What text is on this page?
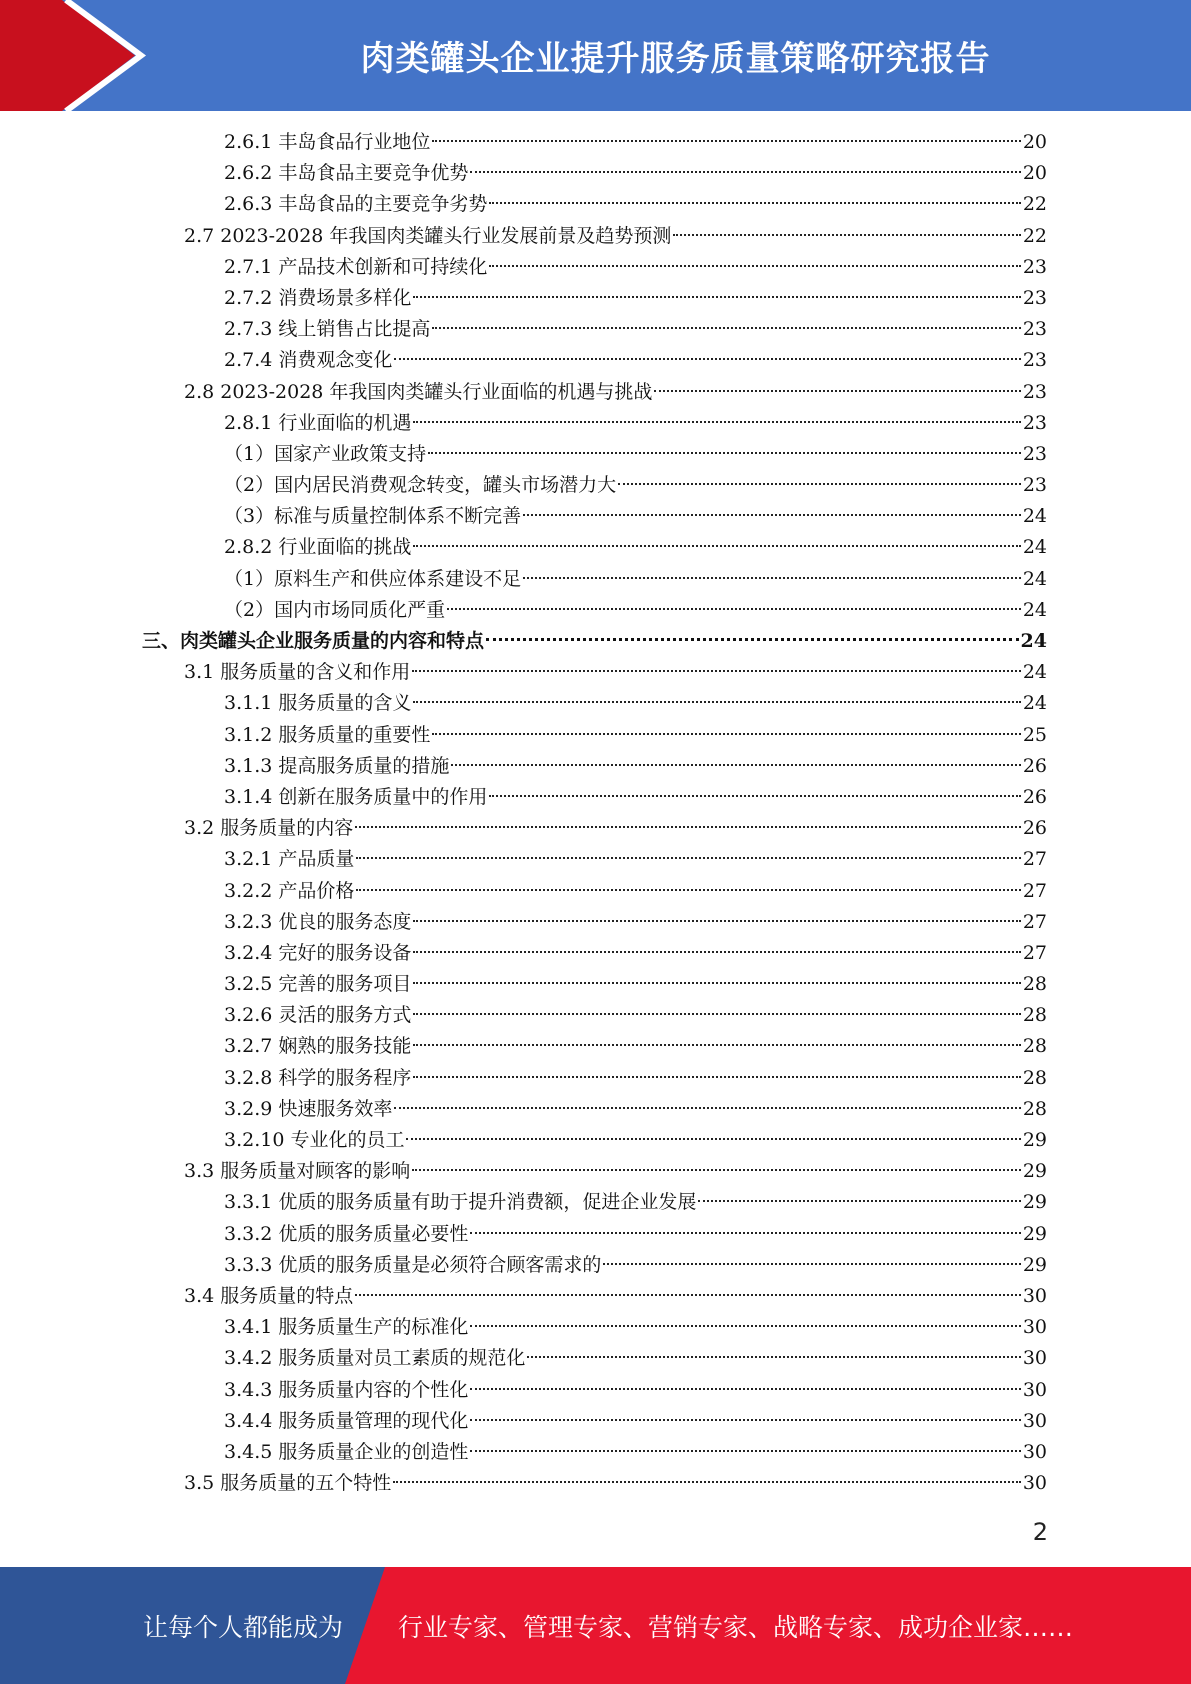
肉类罐头企业提升服务质量策略研究报告
2.6.1 丰岛食品行业地位	20
2.6.2 丰岛食品主要竞争优势	20
2.6.3 丰岛食品的主要竞争劣势	22
2.7 2023-2028 年我国肉类罐头行业发展前景及趋势预测	22
2.7.1 产品技术创新和可持续化	23
2.7.2 消费场景多样化	23
2.7.3 线上销售占比提高	23
2.7.4 消费观念变化	23
2.8 2023-2028 年我国肉类罐头行业面临的机遇与挑战	23
2.8.1 行业面临的机遇	23
（1）国家产业政策支持	23
（2）国内居民消费观念转变，罐头市场潜力大	23
（3）标准与质量控制体系不断完善	24
2.8.2 行业面临的挑战	24
（1）原料生产和供应体系建设不足	24
（2）国内市场同质化严重	24
三、肉类罐头企业服务质量的内容和特点	24
3.1 服务质量的含义和作用	24
3.1.1 服务质量的含义	24
3.1.2 服务质量的重要性	25
3.1.3 提高服务质量的措施	26
3.1.4 创新在服务质量中的作用	26
3.2 服务质量的内容	26
3.2.1 产品质量	27
3.2.2 产品价格	27
3.2.3 优良的服务态度	27
3.2.4 完好的服务设备	27
3.2.5 完善的服务项目	28
3.2.6 灵活的服务方式	28
3.2.7 娴熟的服务技能	28
3.2.8 科学的服务程序	28
3.2.9 快速服务效率	28
3.2.10 专业化的员工	29
3.3 服务质量对顾客的影响	29
3.3.1 优质的服务质量有助于提升消费额，促进企业发展	29
3.3.2 优质的服务质量必要性	29
3.3.3 优质的服务质量是必须符合顾客需求的	29
3.4 服务质量的特点	30
3.4.1 服务质量生产的标准化	30
3.4.2 服务质量对员工素质的规范化	30
3.4.3 服务质量内容的个性化	30
3.4.4 服务质量管理的现代化	30
3.4.5 服务质量企业的创造性	30
3.5 服务质量的五个特性	30
2
让每个人都能成为 行业专家、管理专家、营销专家、战略专家、成功企业家……
